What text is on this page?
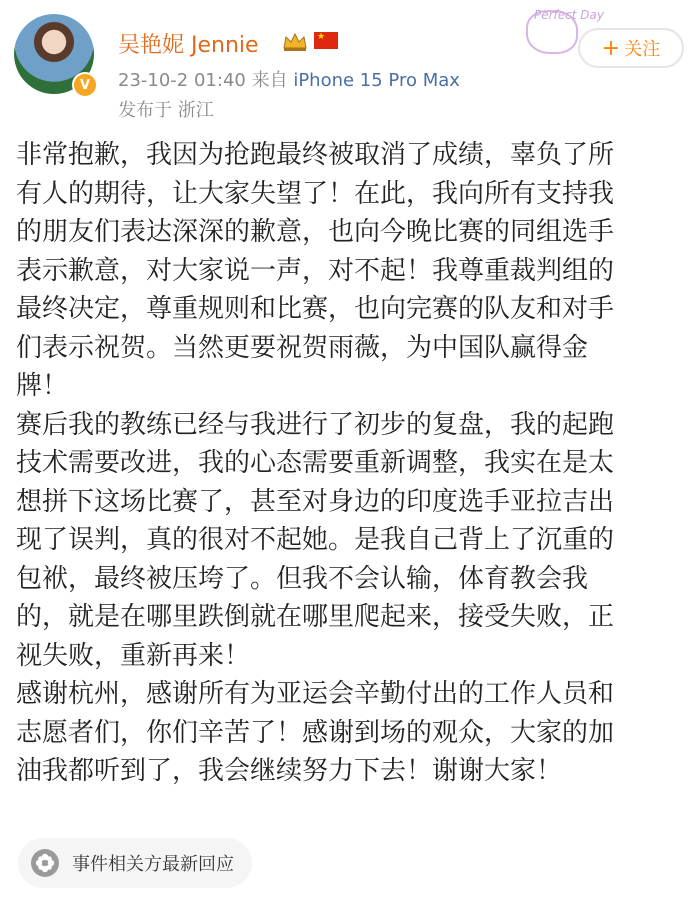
V
吴艳妮 Jennie	★
23-10-2 01:40 来自 iPhone 15 Pro Max
发布于 浙江
Perfect Day
+ 关注
非常抱歉，我因为抢跑最终被取消了成绩，辜负了所
有人的期待，让大家失望了！在此，我向所有支持我
的朋友们表达深深的歉意，也向今晚比赛的同组选手
表示歉意，对大家说一声，对不起！我尊重裁判组的
最终决定，尊重规则和比赛，也向完赛的队友和对手
们表示祝贺。当然更要祝贺雨薇，为中国队赢得金
牌！
赛后我的教练已经与我进行了初步的复盘，我的起跑
技术需要改进，我的心态需要重新调整，我实在是太
想拼下这场比赛了，甚至对身边的印度选手亚拉吉出
现了误判，真的很对不起她。是我自己背上了沉重的
包袱，最终被压垮了。但我不会认输，体育教会我
的，就是在哪里跌倒就在哪里爬起来，接受失败，正
视失败，重新再来！
感谢杭州，感谢所有为亚运会辛勤付出的工作人员和
志愿者们，你们辛苦了！感谢到场的观众，大家的加
油我都听到了，我会继续努力下去！谢谢大家！
事件相关方最新回应
